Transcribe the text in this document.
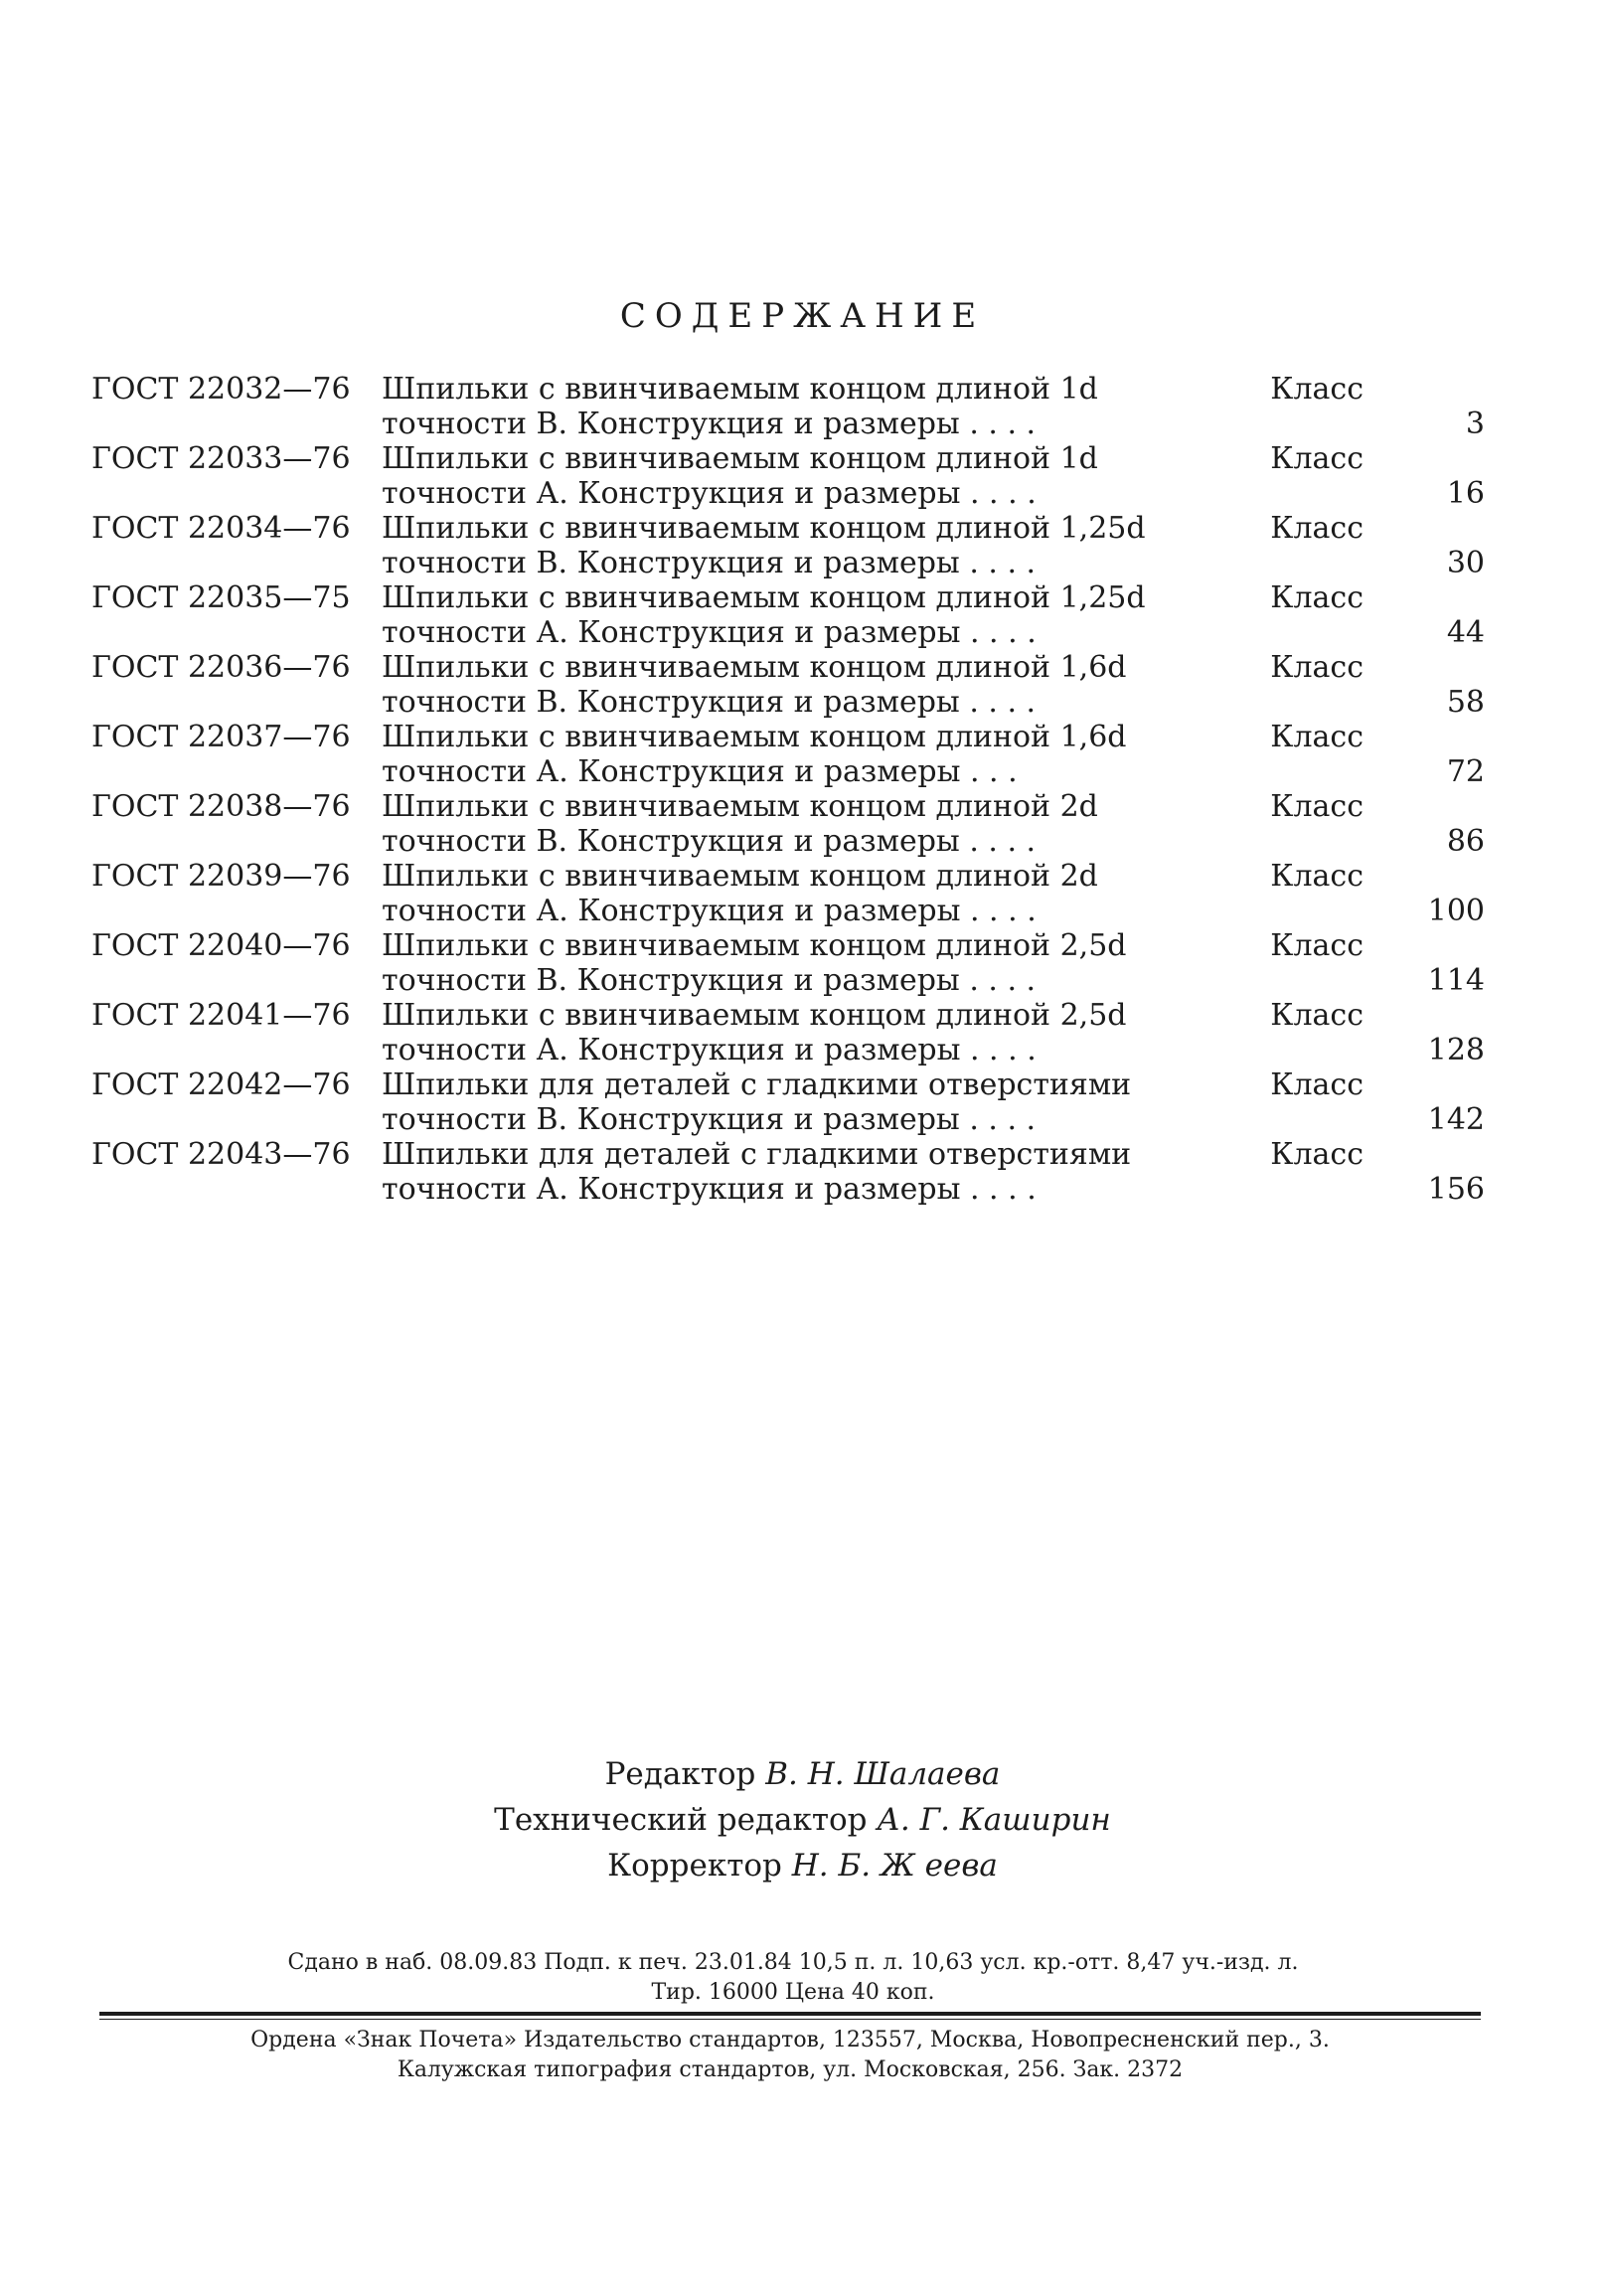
СОДЕРЖАНИЕ
ГОСТ 22032—76	Шпильки с ввинчиваемым концом длиной 1d	Класс
точности В. Конструкция и размеры . . . .	3
ГОСТ 22033—76	Шпильки с ввинчиваемым концом длиной 1d	Класс
точности А. Конструкция и размеры . . . .	16
ГОСТ 22034—76	Шпильки с ввинчиваемым концом длиной 1,25d	Класс
точности В. Конструкция и размеры . . . .	30
ГОСТ 22035—75	Шпильки с ввинчиваемым концом длиной 1,25d	Класс
точности А. Конструкция и размеры . . . .	44
ГОСТ 22036—76	Шпильки с ввинчиваемым концом длиной 1,6d	Класс
точности В. Конструкция и размеры . . . .	58
ГОСТ 22037—76	Шпильки с ввинчиваемым концом длиной 1,6d	Класс
точности А. Конструкция и размеры . . .	72
ГОСТ 22038—76	Шпильки с ввинчиваемым концом длиной 2d	Класс
точности В. Конструкция и размеры . . . .	86
ГОСТ 22039—76	Шпильки с ввинчиваемым концом длиной 2d	Класс
точности А. Конструкция и размеры . . . .	100
ГОСТ 22040—76	Шпильки с ввинчиваемым концом длиной 2,5d	Класс
точности В. Конструкция и размеры . . . .	114
ГОСТ 22041—76	Шпильки с ввинчиваемым концом длиной 2,5d	Класс
точности А. Конструкция и размеры . . . .	128
ГОСТ 22042—76	Шпильки для деталей с гладкими отверстиями	Класс
точности В. Конструкция и размеры . . . .	142
ГОСТ 22043—76	Шпильки для деталей с гладкими отверстиями	Класс
точности А. Конструкция и размеры . . . .	156
Редактор В. Н. Шалаева
Технический редактор А. Г. Каширин
Корректор Н. Б. Ж еева
Сдано в наб. 08.09.83 Подп. к печ. 23.01.84 10,5 п. л. 10,63 усл. кр.-отт. 8,47 уч.-изд. л.
Тир. 16000 Цена 40 коп.
Ордена «Знак Почета» Издательство стандартов, 123557, Москва, Новопресненский пер., 3.
Калужская типография стандартов, ул. Московская, 256. Зак. 2372
